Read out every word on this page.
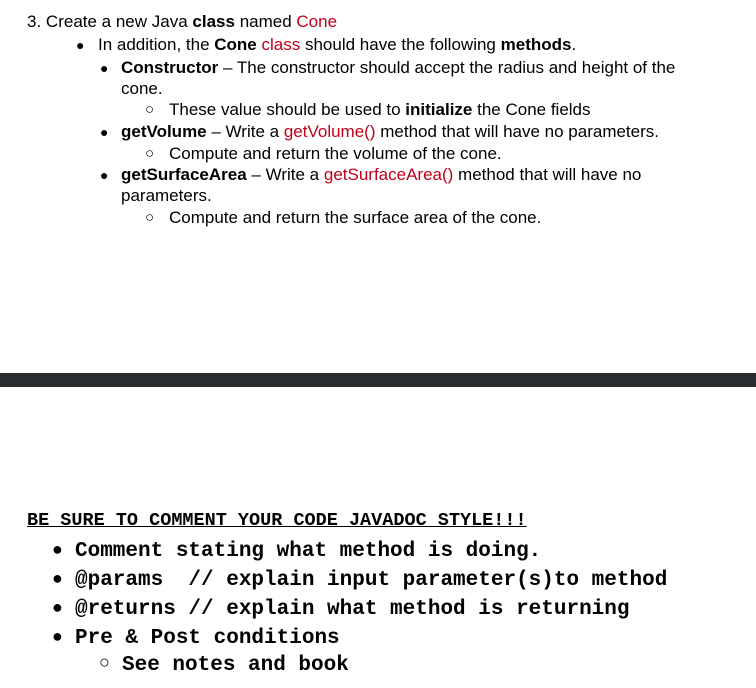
3. Create a new Java class named Cone
● In addition, the Cone class should have the following methods.
● Constructor – The constructor should accept the radius and height of the
cone.
○ These value should be used to initialize the Cone fields
● getVolume – Write a getVolume() method that will have no parameters.
○ Compute and return the volume of the cone.
● getSurfaceArea – Write a getSurfaceArea() method that will have no
parameters.
○ Compute and return the surface area of the cone.
BE SURE TO COMMENT YOUR CODE JAVADOC STYLE!!!
● Comment stating what method is doing.
● @params  // explain input parameter(s)to method
● @returns // explain what method is returning
● Pre & Post conditions
○ See notes and book
